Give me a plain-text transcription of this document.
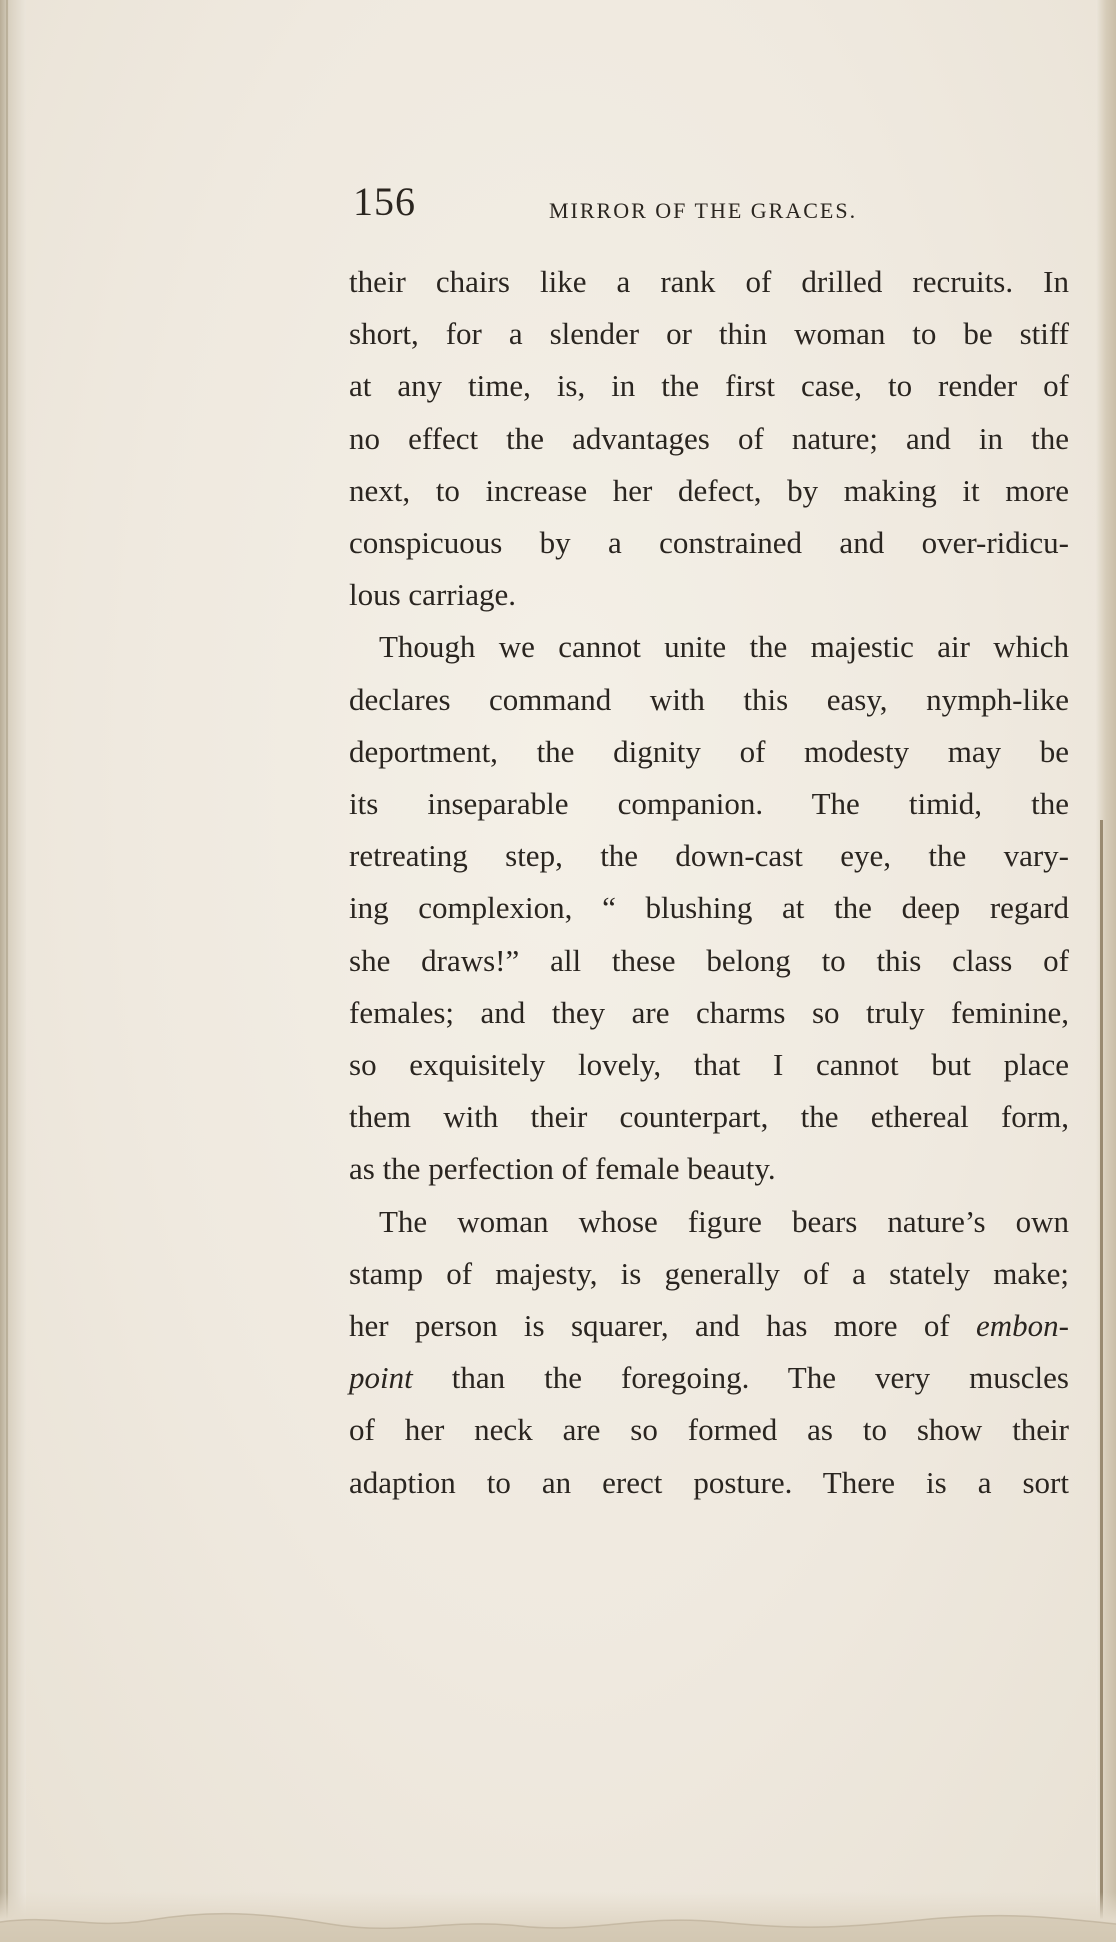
156	MIRROR OF THE GRACES.

their chairs like a rank of drilled recruits. In
short, for a slender or thin woman to be stiff
at any time, is, in the first case, to render of
no effect the advantages of nature; and in the
next, to increase her defect, by making it more
conspicuous by a constrained and over-ridicu-
lous carriage.

Though we cannot unite the majestic air which
declares command with this easy, nymph-like
deportment, the dignity of modesty may be
its inseparable companion. The timid, the
retreating step, the down-cast eye, the vary-
ing complexion, “ blushing at the deep regard
she draws!” all these belong to this class of
females; and they are charms so truly feminine,
so exquisitely lovely, that I cannot but place
them with their counterpart, the ethereal form,
as the perfection of female beauty.

The woman whose figure bears nature’s own
stamp of majesty, is generally of a stately make;
her person is squarer, and has more of embon-
point than the foregoing. The very muscles
of her neck are so formed as to show their
adaption to an erect posture. There is a sort
